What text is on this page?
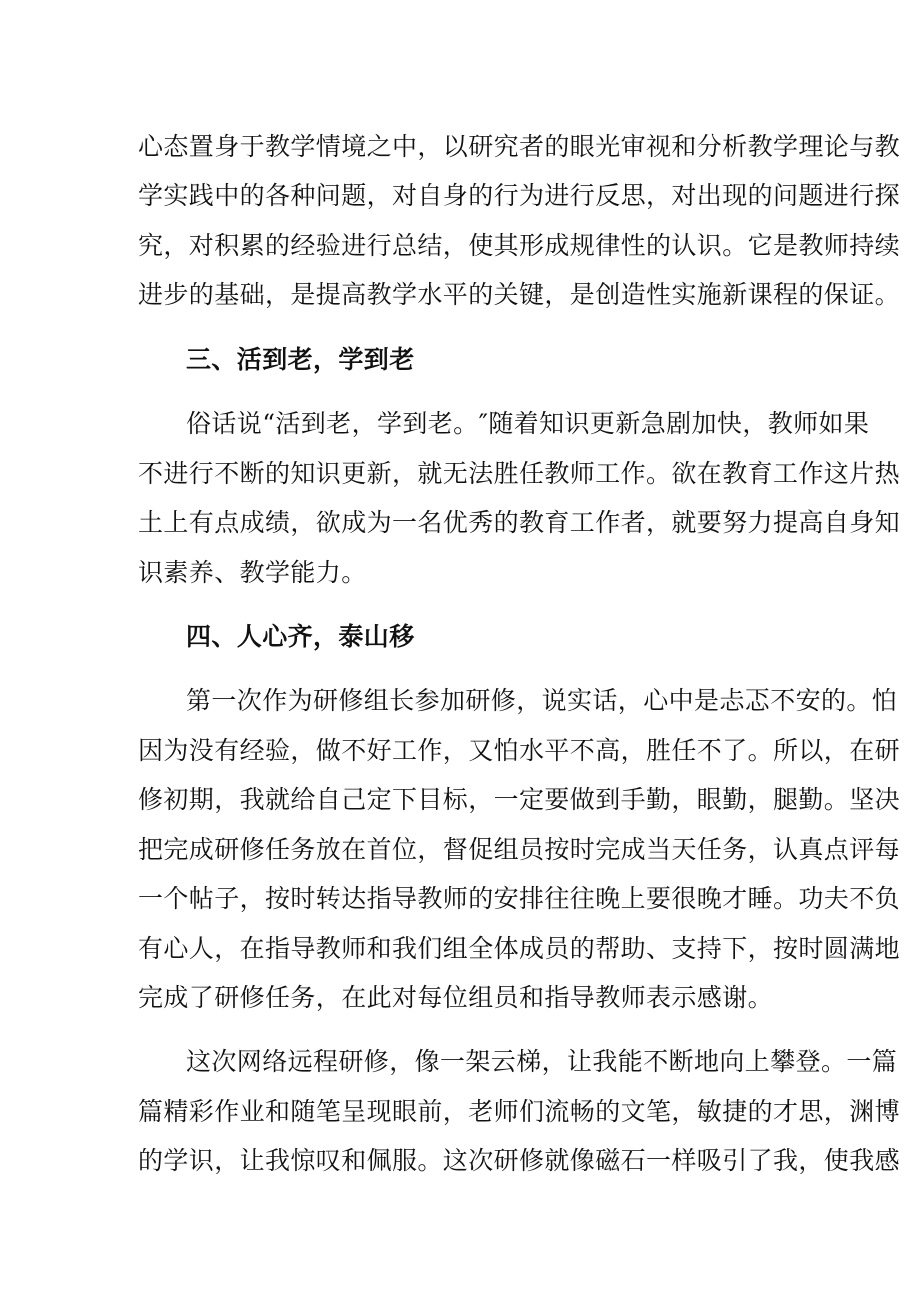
心态置身于教学情境之中，以研究者的眼光审视和分析教学理论与教
学实践中的各种问题，对自身的行为进行反思，对出现的问题进行探
究，对积累的经验进行总结，使其形成规律性的认识。它是教师持续
进步的基础，是提高教学水平的关键，是创造性实施新课程的保证。
三、活到老，学到老
俗话说“活到老，学到老。″随着知识更新急剧加快，教师如果
不进行不断的知识更新，就无法胜任教师工作。欲在教育工作这片热
土上有点成绩，欲成为一名优秀的教育工作者，就要努力提高自身知
识素养、教学能力。
四、人心齐，泰山移
第一次作为研修组长参加研修，说实话，心中是忐忑不安的。怕
因为没有经验，做不好工作，又怕水平不高，胜任不了。所以，在研
修初期，我就给自己定下目标，一定要做到手勤，眼勤，腿勤。坚决
把完成研修任务放在首位，督促组员按时完成当天任务，认真点评每
一个帖子，按时转达指导教师的安排往往晚上要很晚才睡。功夫不负
有心人，在指导教师和我们组全体成员的帮助、支持下，按时圆满地
完成了研修任务，在此对每位组员和指导教师表示感谢。
这次网络远程研修，像一架云梯，让我能不断地向上攀登。一篇
篇精彩作业和随笔呈现眼前，老师们流畅的文笔，敏捷的才思，渊博
的学识，让我惊叹和佩服。这次研修就像磁石一样吸引了我，使我感
